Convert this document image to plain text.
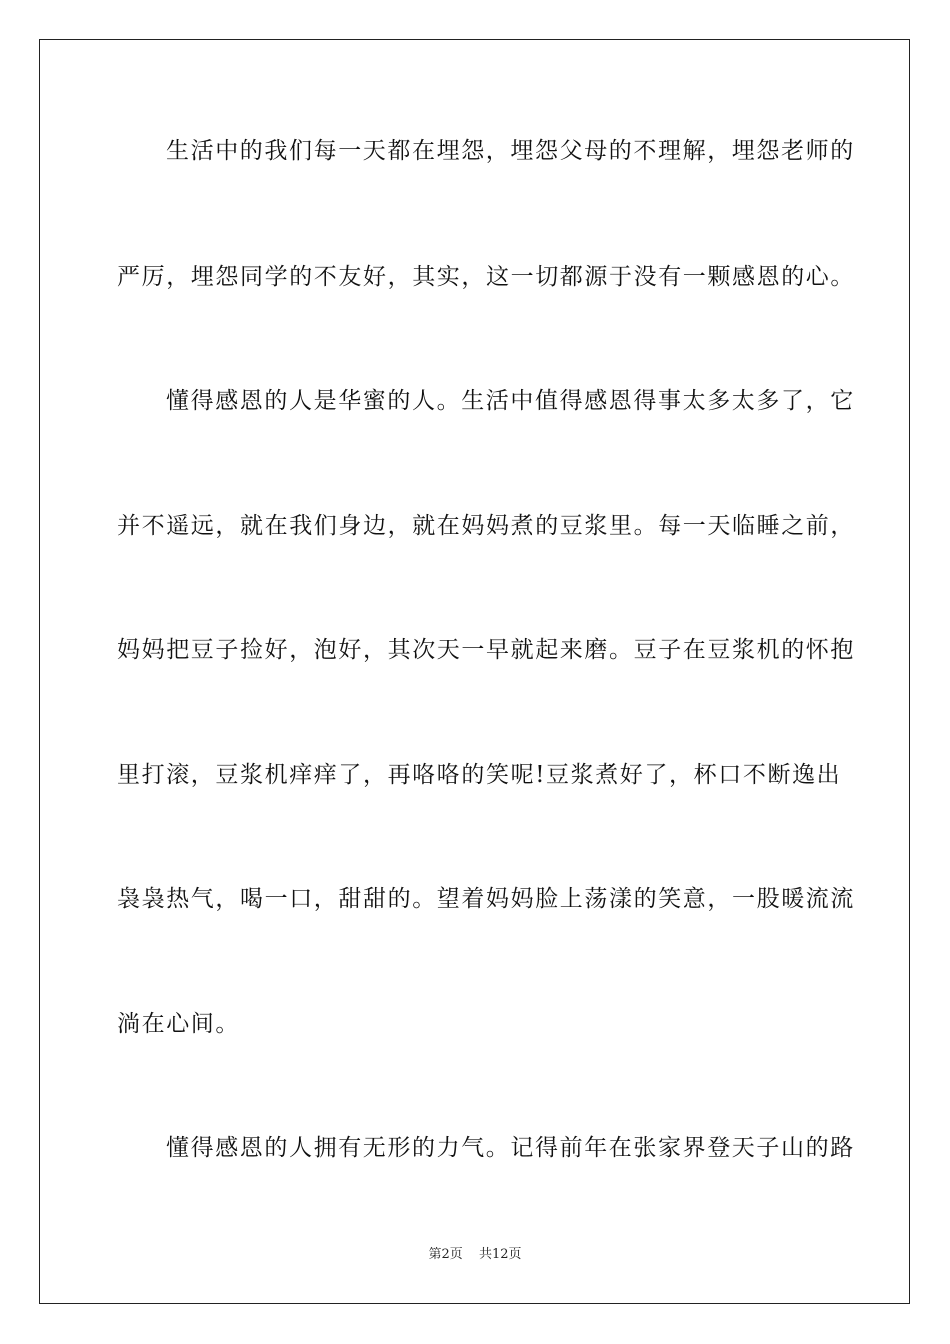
生活中的我们每一天都在埋怨，埋怨父母的不理解，埋怨老师的
严厉，埋怨同学的不友好，其实，这一切都源于没有一颗感恩的心。
懂得感恩的人是华蜜的人。生活中值得感恩得事太多太多了，它
并不遥远，就在我们身边，就在妈妈煮的豆浆里。每一天临睡之前，
妈妈把豆子捡好，泡好，其次天一早就起来磨。豆子在豆浆机的怀抱
里打滚，豆浆机痒痒了，再咯咯的笑呢!豆浆煮好了，杯口不断逸出
袅袅热气，喝一口，甜甜的。望着妈妈脸上荡漾的笑意，一股暖流流
淌在心间。
懂得感恩的人拥有无形的力气。记得前年在张家界登天子山的路
第2页 共12页
